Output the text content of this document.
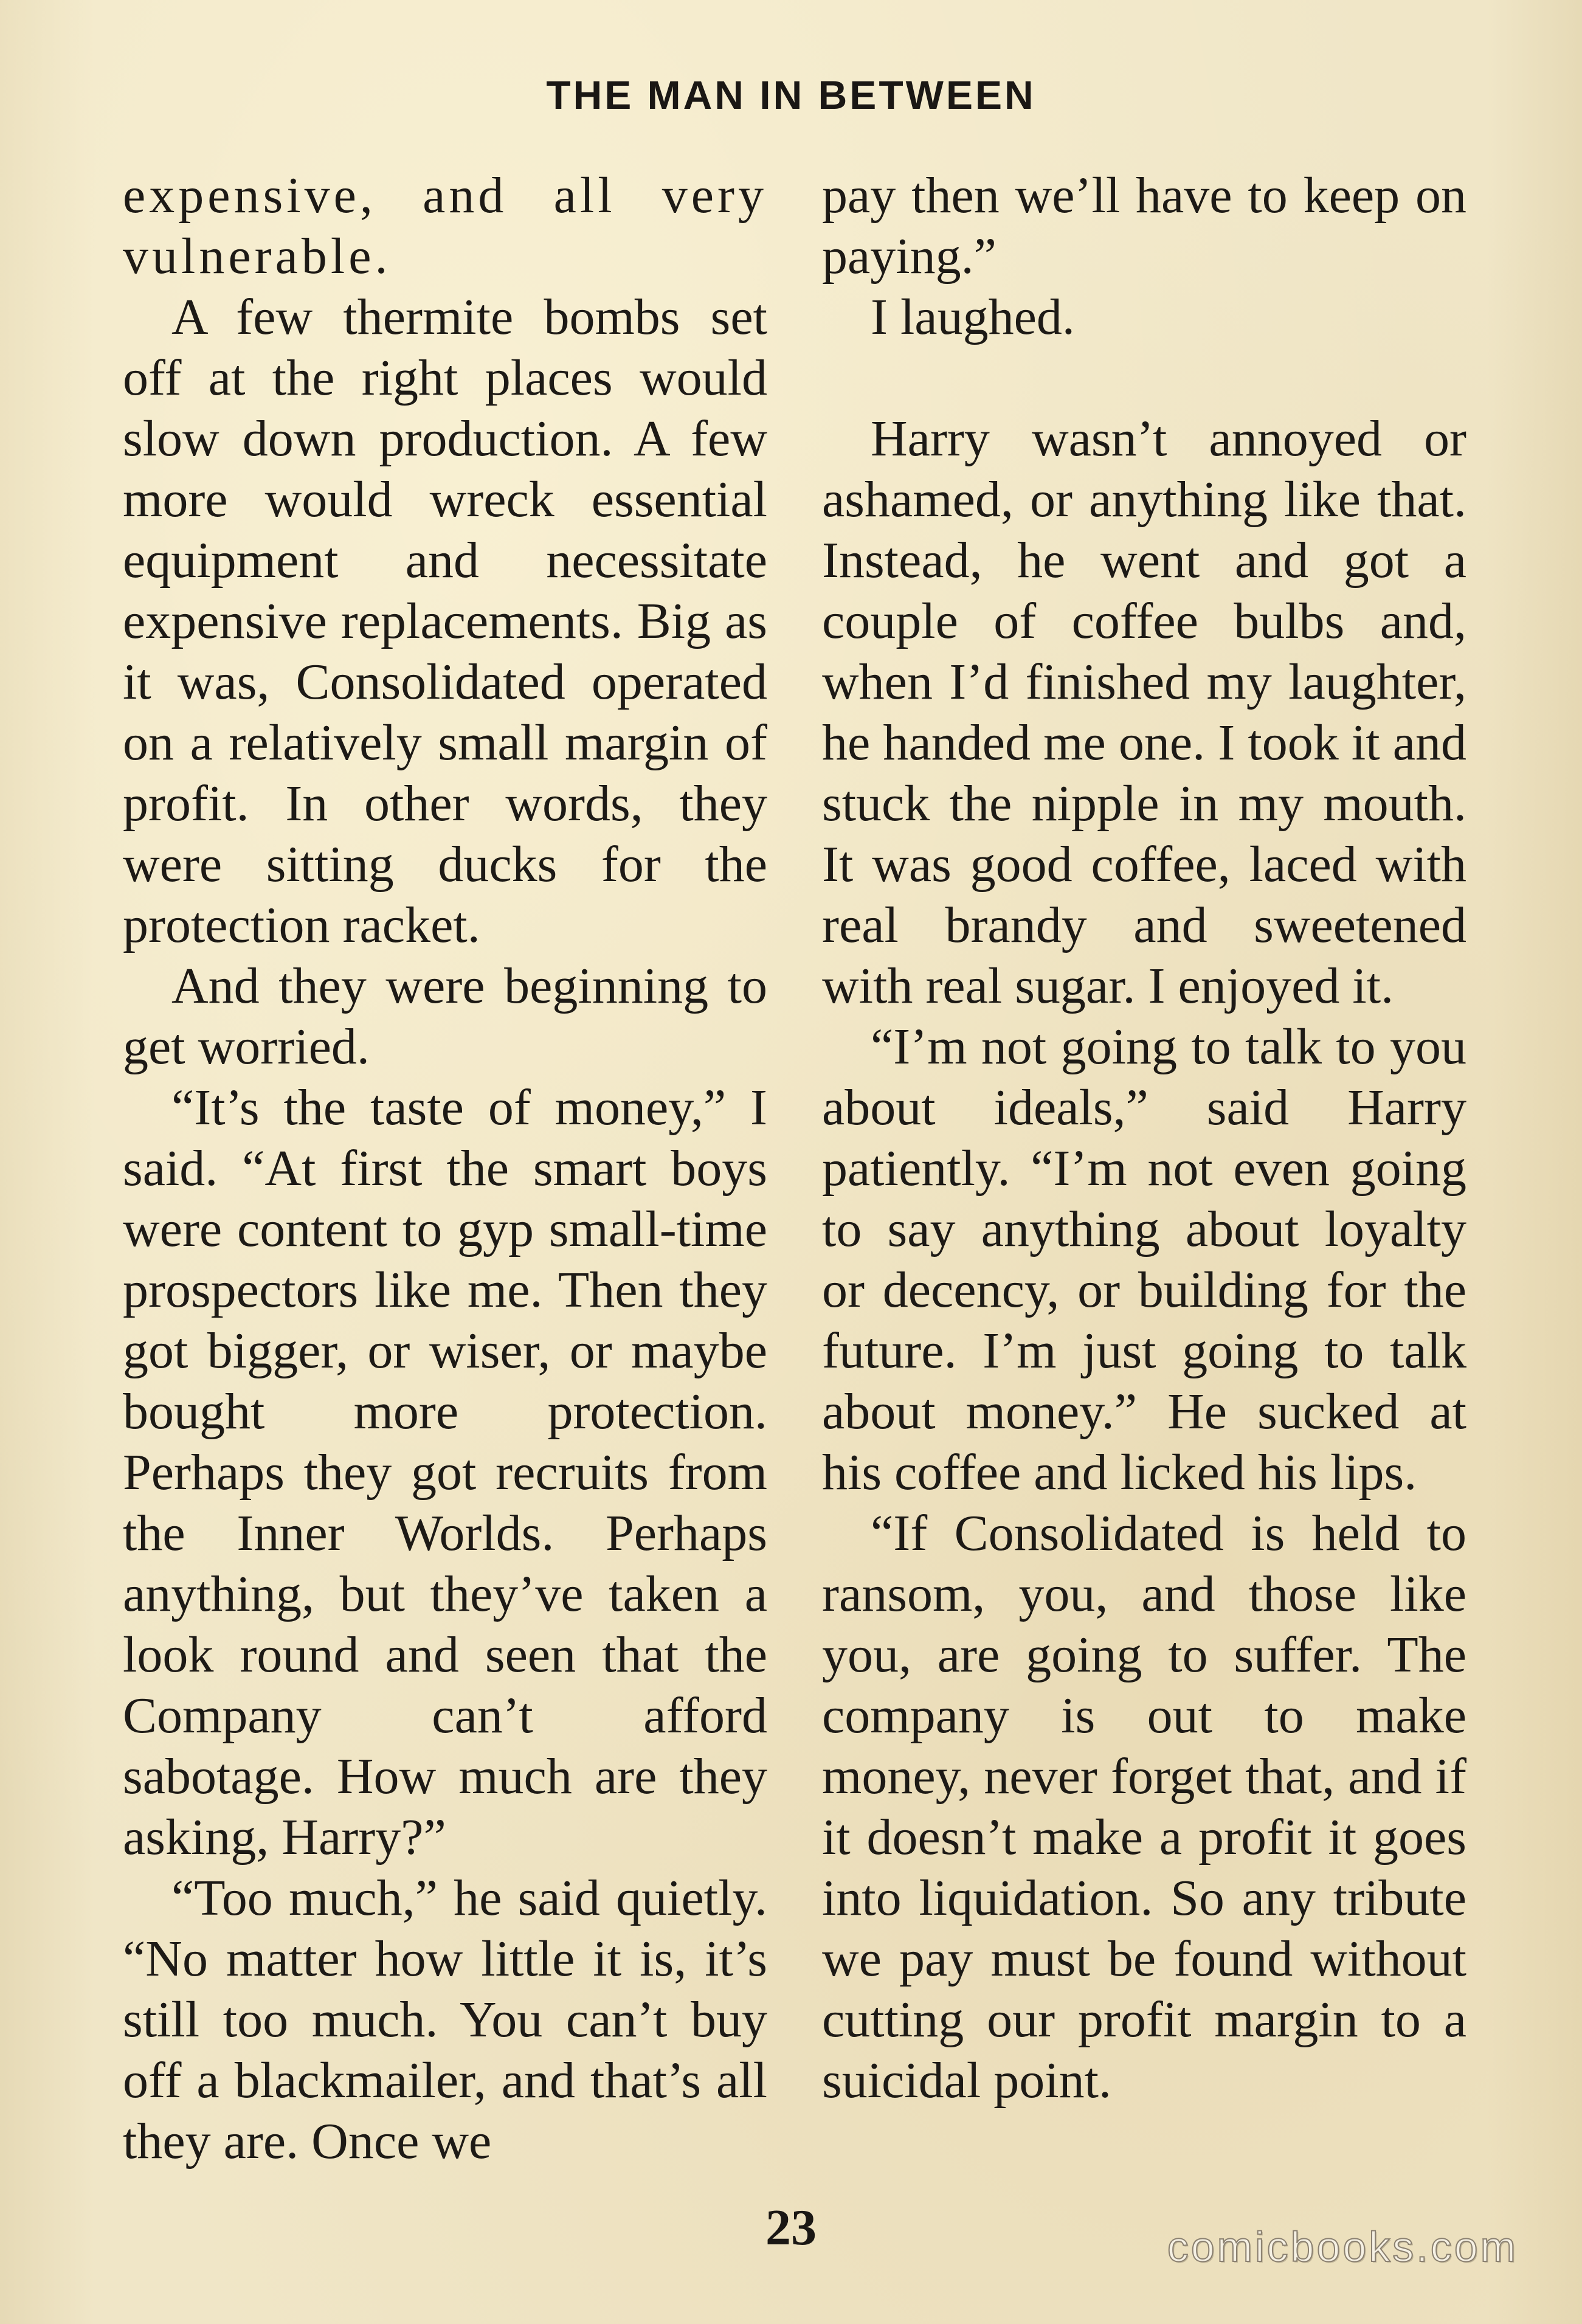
THE MAN IN BETWEEN

expensive, and all very vulnerable.

A few thermite bombs set off at the right places would slow down production. A few more would wreck essential equipment and necessitate expensive replacements. Big as it was, Consolidated operated on a relatively small margin of profit. In other words, they were sitting ducks for the protection racket.

And they were beginning to get worried.

“It’s the taste of money,” I said. “At first the smart boys were content to gyp small-time prospectors like me. Then they got bigger, or wiser, or maybe bought more protection. Perhaps they got recruits from the Inner Worlds. Perhaps anything, but they’ve taken a look round and seen that the Company can’t afford sabotage. How much are they asking, Harry?”

“Too much,” he said quietly. “No matter how little it is, it’s still too much. You can’t buy off a blackmailer, and that’s all they are. Once we

pay then we’ll have to keep on paying.”

I laughed.

Harry wasn’t annoyed or ashamed, or anything like that. Instead, he went and got a couple of coffee bulbs and, when I’d finished my laughter, he handed me one. I took it and stuck the nipple in my mouth. It was good coffee, laced with real brandy and sweetened with real sugar. I enjoyed it.

“I’m not going to talk to you about ideals,” said Harry patiently. “I’m not even going to say anything about loyalty or decency, or building for the future. I’m just going to talk about money.” He sucked at his coffee and licked his lips.

“If Consolidated is held to ransom, you, and those like you, are going to suffer. The company is out to make money, never forget that, and if it doesn’t make a profit it goes into liquidation. So any tribute we pay must be found without cutting our profit margin to a suicidal point.

23	comicbooks.com
